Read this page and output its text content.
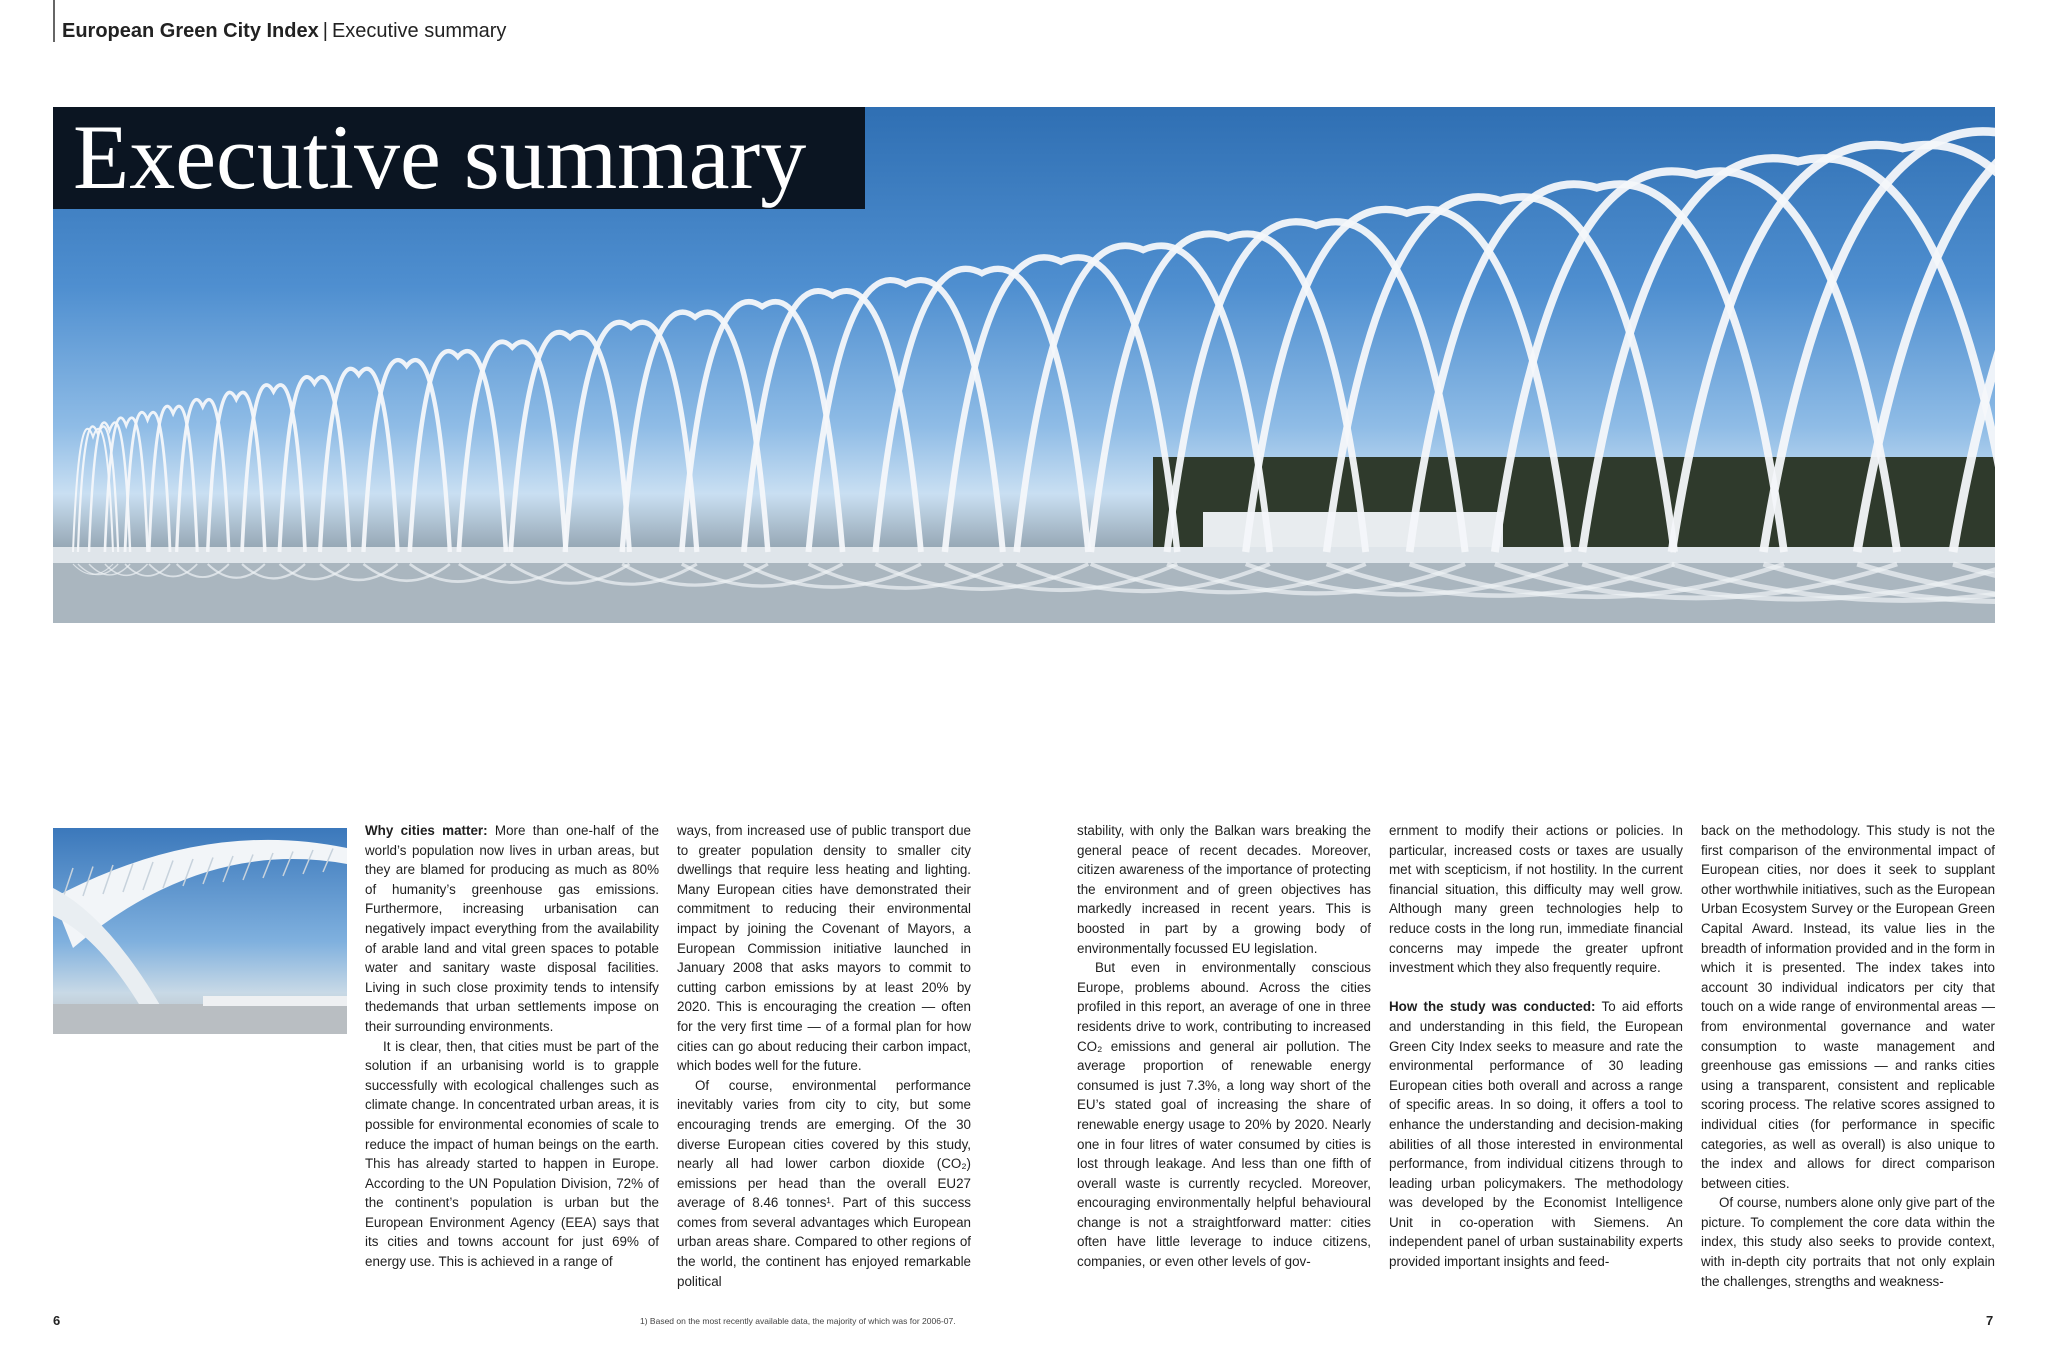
European Green City Index | Executive summary
Executive summary

Why cities matter: More than one-half of the world’s population now lives in urban areas, but they are blamed for producing as much as 80% of humanity’s greenhouse gas emissions. Furthermore, increasing urbanisation can negatively impact everything from the availability of arable land and vital green spaces to potable water and sanitary waste disposal facilities. Living in such close proximity tends to intensify thedemands that urban settlements impose on their surrounding environments.

It is clear, then, that cities must be part of the solution if an urbanising world is to grapple successfully with ecological challenges such as climate change. In concentrated urban areas, it is possible for environmental economies of scale to reduce the impact of human beings on the earth. This has already started to happen in Europe. According to the UN Population Division, 72% of the continent’s population is urban but the European Environment Agency (EEA) says that its cities and towns account for just 69% of energy use. This is achieved in a range of

ways, from increased use of public transport due to greater population density to smaller city dwellings that require less heating and lighting. Many European cities have demonstrated their commitment to reducing their environmental impact by joining the Covenant of Mayors, a European Commission initiative launched in January 2008 that asks mayors to commit to cutting carbon emissions by at least 20% by 2020. This is encouraging the creation — often for the very first time — of a formal plan for how cities can go about reducing their carbon impact, which bodes well for the future.

Of course, environmental performance inevitably varies from city to city, but some encouraging trends are emerging. Of the 30 diverse European cities covered by this study, nearly all had lower carbon dioxide (CO₂) emissions per head than the overall EU27 average of 8.46 tonnes¹. Part of this success comes from several advantages which European urban areas share. Compared to other regions of the world, the continent has enjoyed remarkable political

stability, with only the Balkan wars breaking the general peace of recent decades. Moreover, citizen awareness of the importance of protecting the environment and of green objectives has markedly increased in recent years. This is boosted in part by a growing body of environmentally focussed EU legislation.

But even in environmentally conscious Europe, problems abound. Across the cities profiled in this report, an average of one in three residents drive to work, contributing to increased CO₂ emissions and general air pollution. The average proportion of renewable energy consumed is just 7.3%, a long way short of the EU’s stated goal of increasing the share of renewable energy usage to 20% by 2020. Nearly one in four litres of water consumed by cities is lost through leakage. And less than one fifth of overall waste is currently recycled. Moreover, encouraging environmentally helpful behavioural change is not a straightforward matter: cities often have little leverage to induce citizens, companies, or even other levels of gov-

ernment to modify their actions or policies. In particular, increased costs or taxes are usually met with scepticism, if not hostility. In the current financial situation, this difficulty may well grow. Although many green technologies help to reduce costs in the long run, immediate financial concerns may impede the greater upfront investment which they also frequently require.

How the study was conducted: To aid efforts and understanding in this field, the European Green City Index seeks to measure and rate the environmental performance of 30 leading European cities both overall and across a range of specific areas. In so doing, it offers a tool to enhance the understanding and decision-making abilities of all those interested in environmental performance, from individual citizens through to leading urban policymakers. The methodology was developed by the Economist Intelligence Unit in co-operation with Siemens. An independent panel of urban sustainability experts provided important insights and feed-

back on the methodology. This study is not the first comparison of the environmental impact of European cities, nor does it seek to supplant other worthwhile initiatives, such as the European Urban Ecosystem Survey or the European Green Capital Award. Instead, its value lies in the breadth of information provided and in the form in which it is presented. The index takes into account 30 individual indicators per city that touch on a wide range of environmental areas — from environmental governance and water consumption to waste management and greenhouse gas emissions — and ranks cities using a transparent, consistent and replicable scoring process. The relative scores assigned to individual cities (for performance in specific categories, as well as overall) is also unique to the index and allows for direct comparison between cities.

Of course, numbers alone only give part of the picture. To complement the core data within the index, this study also seeks to provide context, with in-depth city portraits that not only explain the challenges, strengths and weakness-

6	1) Based on the most recently available data, the majority of which was for 2006-07.	7
